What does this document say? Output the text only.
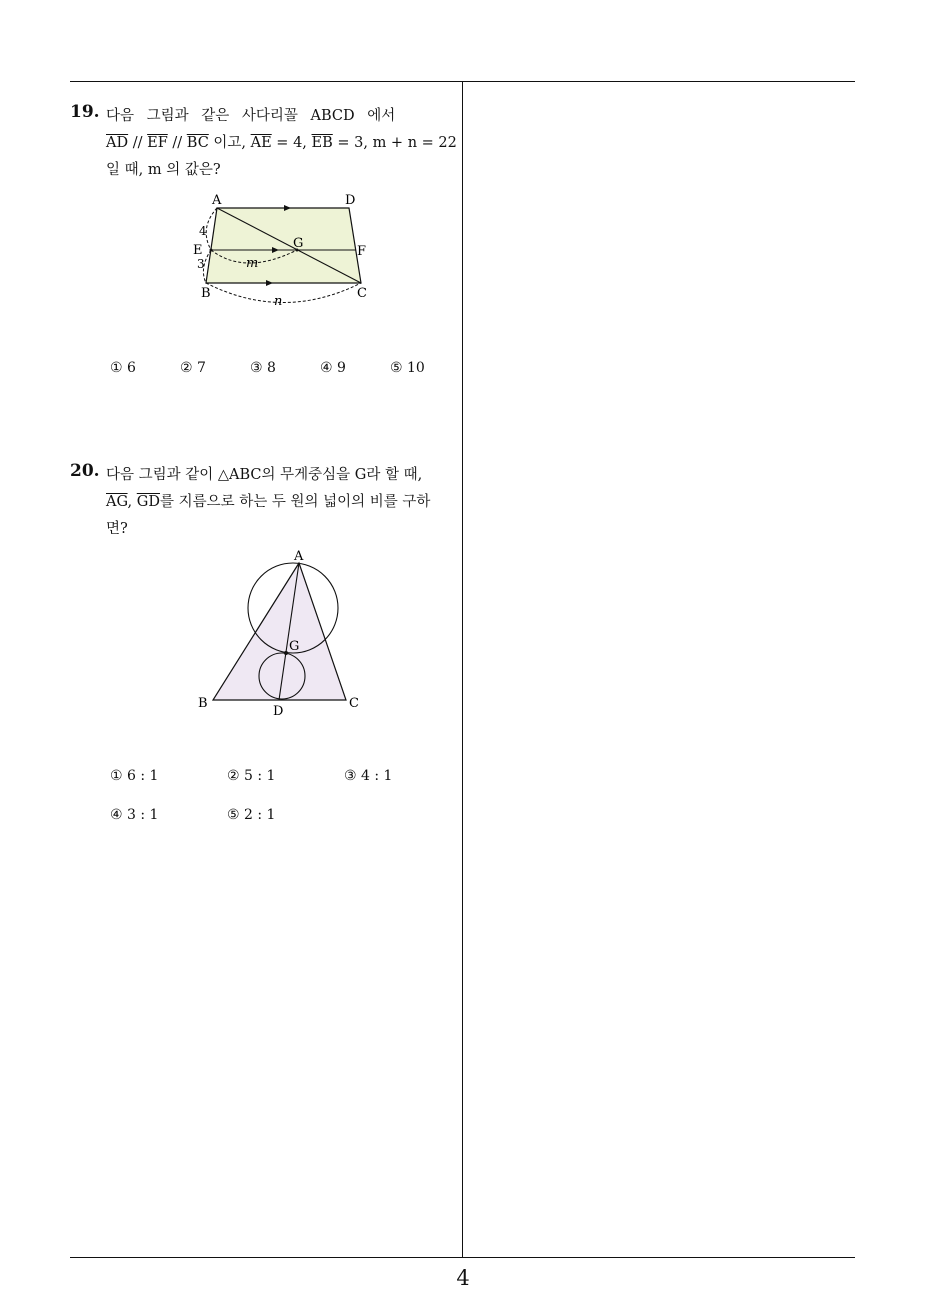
4
19. 다음 그림과 같은 사다리꼴 ABCD 에서
$\overline{AD} // \overline{EF} // \overline{BC}$ 이고, $\overline{AE} = 4$, $\overline{EB} = 3$, m + n = 22
일 때, m 의 값은?
A	D
E	F
G
B	C
4
3	m
n
① 6	② 7	③ 8	④ 9	⑤ 10
20. 다음 그림과 같이 △ABC의 무게중심을 G라 할 때,
$\overline{AG}$, $\overline{GD}$를 지름으로 하는 두 원의 넓이의 비를 구하
면?
A
G
B	C
D
① 6 : 1	② 5 : 1	③ 4 : 1
④ 3 : 1	⑤ 2 : 1
